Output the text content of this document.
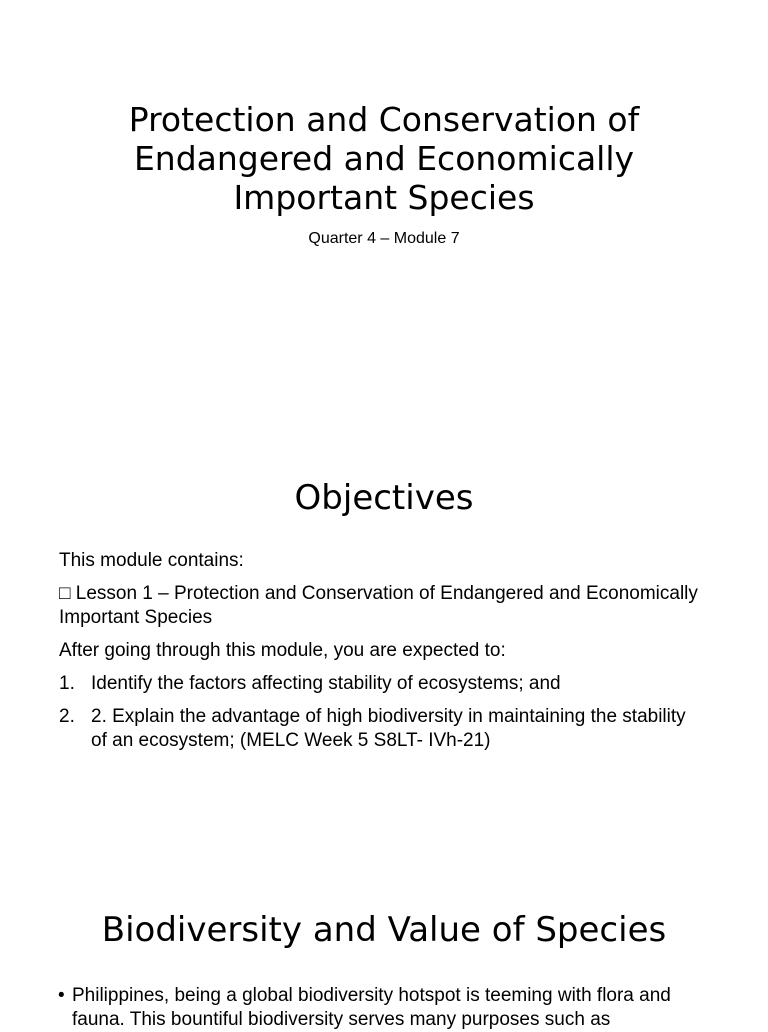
Protection and Conservation of Endangered and Economically Important Species
Quarter 4 – Module 7
Objectives

This module contains:

□ Lesson 1 – Protection and Conservation of Endangered and Economically Important Species

After going through this module, you are expected to:

1. Identify the factors affecting stability of ecosystems; and
2. 2. Explain the advantage of high biodiversity in maintaining the stability of an ecosystem; (MELC Week 5 S8LT- IVh-21)
Biodiversity and Value of Species
• Philippines, being a global biodiversity hotspot is teeming with flora and fauna. This bountiful biodiversity serves many purposes such as
